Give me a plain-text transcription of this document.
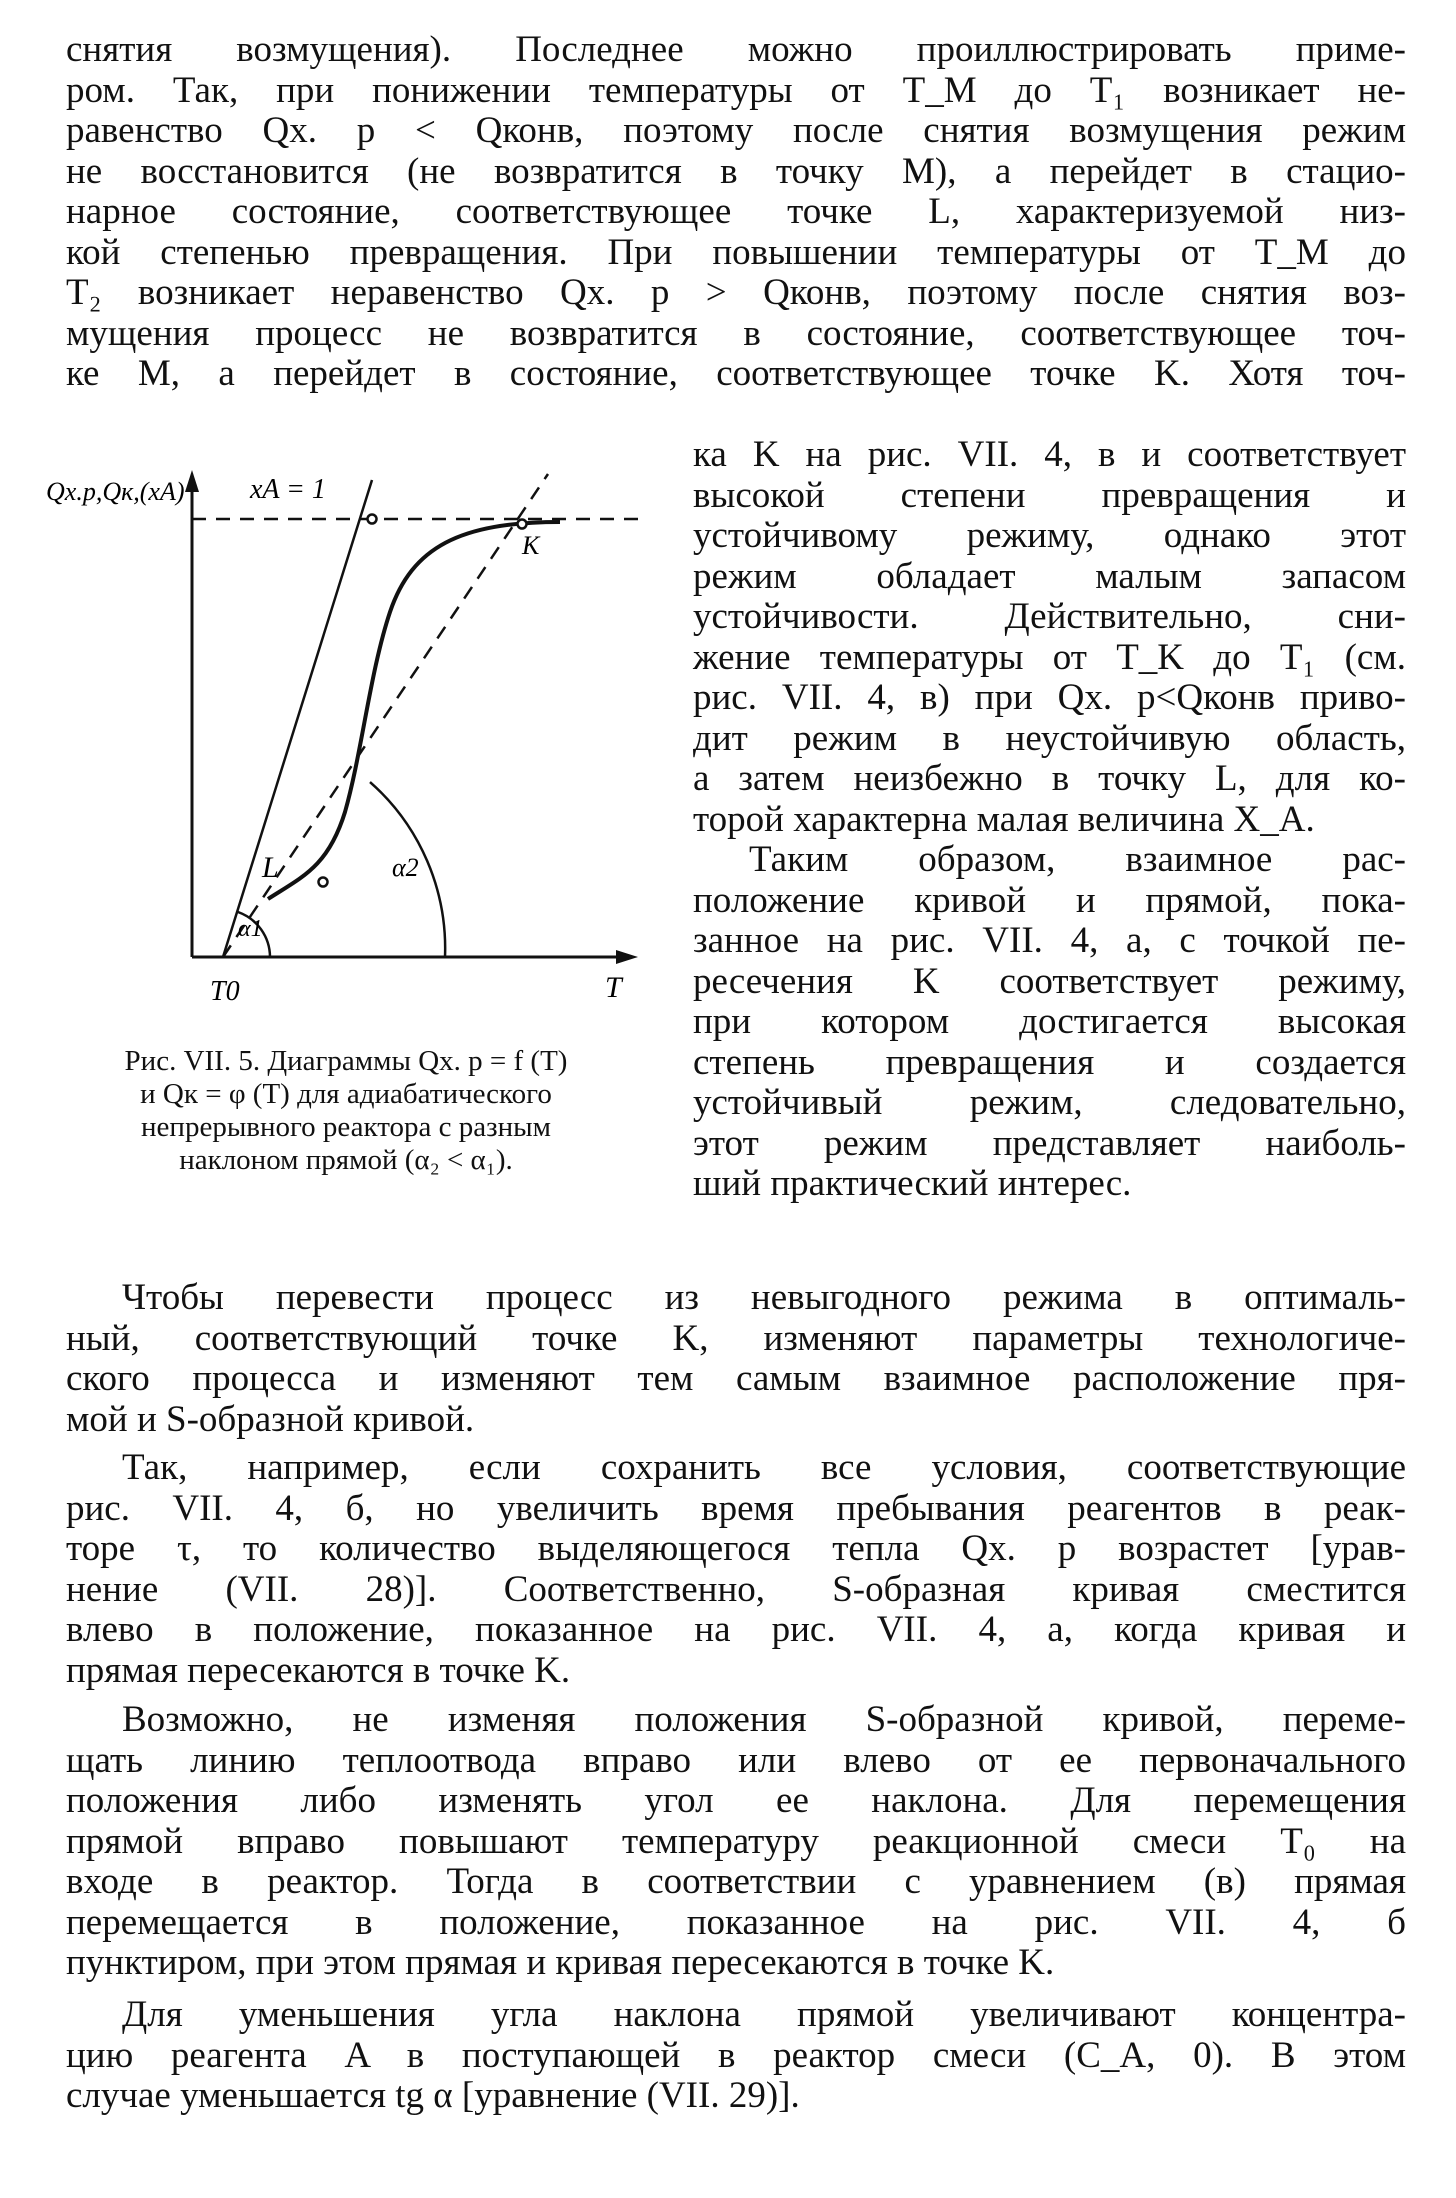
снятия возмущения). Последнее можно проиллюстрировать приме-
ром. Так, при понижении температуры от T_M до T₁ возникает не-
равенство Qх. р < Qконв, поэтому после снятия возмущения режим
не восстановится (не возвратится в точку M), а перейдет в стацио-
нарное состояние, соответствующее точке L, характеризуемой низ-
кой степенью превращения. При повышении температуры от T_M до
T₂ возникает неравенство Qх. р > Qконв, поэтому после снятия воз-
мущения процесс не возвратится в состояние, соответствующее точ-
ке M, а перейдет в состояние, соответствующее точке K. Хотя точ-
ка K на рис. VII. 4, в и соответствует
высокой степени превращения и
устойчивому режиму, однако этот
режим обладает малым запасом
устойчивости. Действительно, сни-
жение температуры от T_K до T₁ (см.
рис. VII. 4, в) при Qх. р<Qконв приво-
дит режим в неустойчивую область,
а затем неизбежно в точку L, для ко-
торой характерна малая величина X_A.
Таким образом, взаимное рас-
положение кривой и прямой, пока-
занное на рис. VII. 4, a, с точкой пе-
ресечения K соответствует режиму,
при котором достигается высокая
степень превращения и создается
устойчивый режим, следовательно,
этот режим представляет наиболь-
ший практический интерес.
Qх.р,Qк,(xA) xA = 1
L
K
α1
α2
T0	T
Рис. VII. 5. Диаграммы Qх. р = f (T)
и Qк = φ (T) для адиабатического
непрерывного реактора с разным
наклоном прямой (α₂ < α₁).
Чтобы перевести процесс из невыгодного режима в оптималь-
ный, соответствующий точке K, изменяют параметры технологиче-
ского процесса и изменяют тем самым взаимное расположение пря-
мой и S-образной кривой.
Так, например, если сохранить все условия, соответствующие
рис. VII. 4, б, но увеличить время пребывания реагентов в реак-
торе τ, то количество выделяющегося тепла Qх. р возрастет [урав-
нение (VII. 28)]. Соответственно, S-образная кривая сместится
влево в положение, показанное на рис. VII. 4, a, когда кривая и
прямая пересекаются в точке K.
Возможно, не изменяя положения S-образной кривой, переме-
щать линию теплоотвода вправо или влево от ее первоначального
положения либо изменять угол ее наклона. Для перемещения
прямой вправо повышают температуру реакционной смеси T₀ на
входе в реактор. Тогда в соответствии с уравнением (в) прямая
перемещается в положение, показанное на рис. VII. 4, б
пунктиром, при этом прямая и кривая пересекаются в точке K.
Для уменьшения угла наклона прямой увеличивают концентра-
цию реагента A в поступающей в реактор смеси (C_A, 0). В этом
случае уменьшается tg α [уравнение (VII. 29)].
